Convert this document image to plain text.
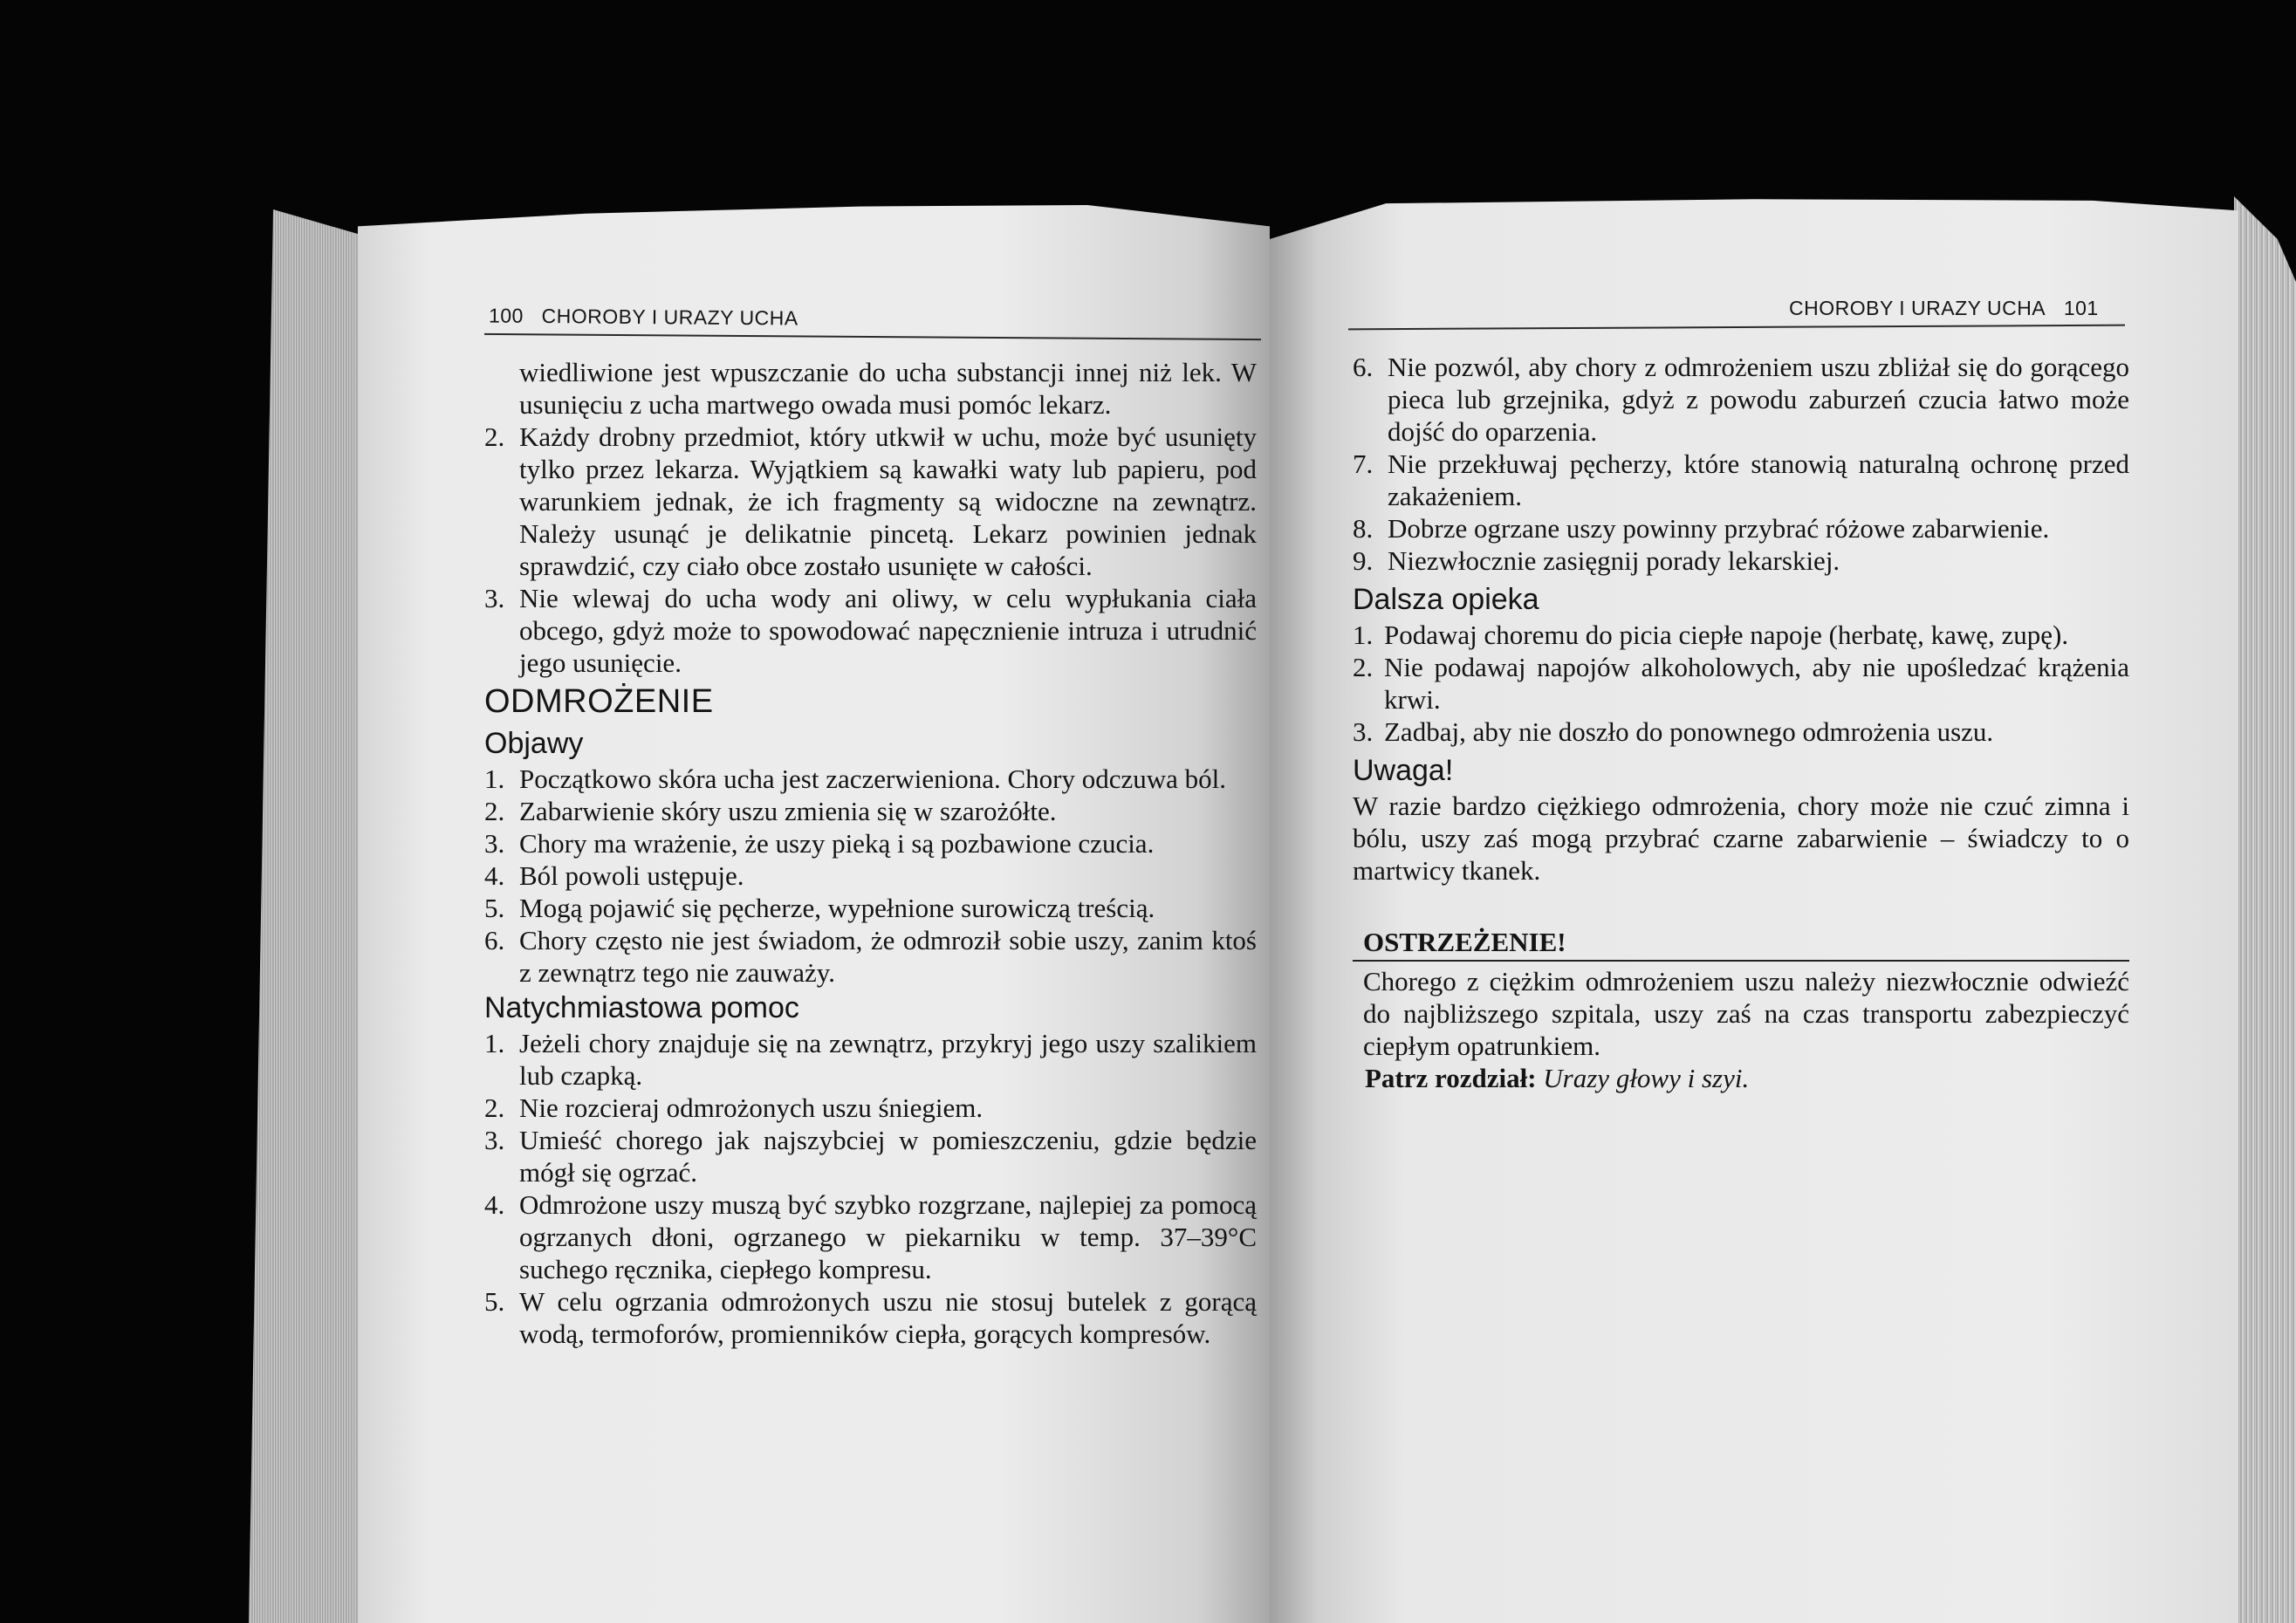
100 CHOROBY I URAZY UCHA

wiedliwione jest wpuszczanie do ucha substancji innej niż lek. W usunięciu z ucha martwego owada musi pomóc lekarz.

2. Każdy drobny przedmiot, który utkwił w uchu, może być usunięty tylko przez lekarza. Wyjątkiem są kawałki waty lub papieru, pod warunkiem jednak, że ich fragmenty są widoczne na zewnątrz. Należy usunąć je delikatnie pincetą. Lekarz powinien jednak sprawdzić, czy ciało obce zostało usunięte w całości.
3. Nie wlewaj do ucha wody ani oliwy, w celu wypłukania ciała obcego, gdyż może to spowodować napęcznienie intruza i utrudnić jego usunięcie.

ODMROŻENIE

Objawy

1. Początkowo skóra ucha jest zaczerwieniona. Chory odczuwa ból.
2. Zabarwienie skóry uszu zmienia się w szarożółte.
3. Chory ma wrażenie, że uszy pieką i są pozbawione czucia.
4. Ból powoli ustępuje.
5. Mogą pojawić się pęcherze, wypełnione surowiczą treścią.
6. Chory często nie jest świadom, że odmroził sobie uszy, zanim ktoś z zewnątrz tego nie zauważy.

Natychmiastowa pomoc

1. Jeżeli chory znajduje się na zewnątrz, przykryj jego uszy szalikiem lub czapką.
2. Nie rozcieraj odmrożonych uszu śniegiem.
3. Umieść chorego jak najszybciej w pomieszczeniu, gdzie będzie mógł się ogrzać.
4. Odmrożone uszy muszą być szybko rozgrzane, najlepiej za pomocą ogrzanych dłoni, ogrzanego w piekarniku w temp. 37–39°C suchego ręcznika, ciepłego kompresu.
5. W celu ogrzania odmrożonych uszu nie stosuj butelek z gorącą wodą, termoforów, promienników ciepła, gorących kompresów.
CHOROBY I URAZY UCHA 101
6. Nie pozwól, aby chory z odmrożeniem uszu zbliżał się do gorącego pieca lub grzejnika, gdyż z powodu zaburzeń czucia łatwo może dojść do oparzenia.
7. Nie przekłuwaj pęcherzy, które stanowią naturalną ochronę przed zakażeniem.
8. Dobrze ogrzane uszy powinny przybrać różowe zabarwienie.
9. Niezwłocznie zasięgnij porady lekarskiej.

Dalsza opieka

1. Podawaj choremu do picia ciepłe napoje (herbatę, kawę, zupę).
2. Nie podawaj napojów alkoholowych, aby nie upośledzać krążenia krwi.
3. Zadbaj, aby nie doszło do ponownego odmrożenia uszu.

Uwaga!

W razie bardzo ciężkiego odmrożenia, chory może nie czuć zimna i bólu, uszy zaś mogą przybrać czarne zabarwienie – świadczy to o martwicy tkanek.

OSTRZEŻENIE!

Chorego z ciężkim odmrożeniem uszu należy niezwłocznie odwieźć do najbliższego szpitala, uszy zaś na czas transportu zabezpieczyć ciepłym opatrunkiem.

Patrz rozdział: Urazy głowy i szyi.
